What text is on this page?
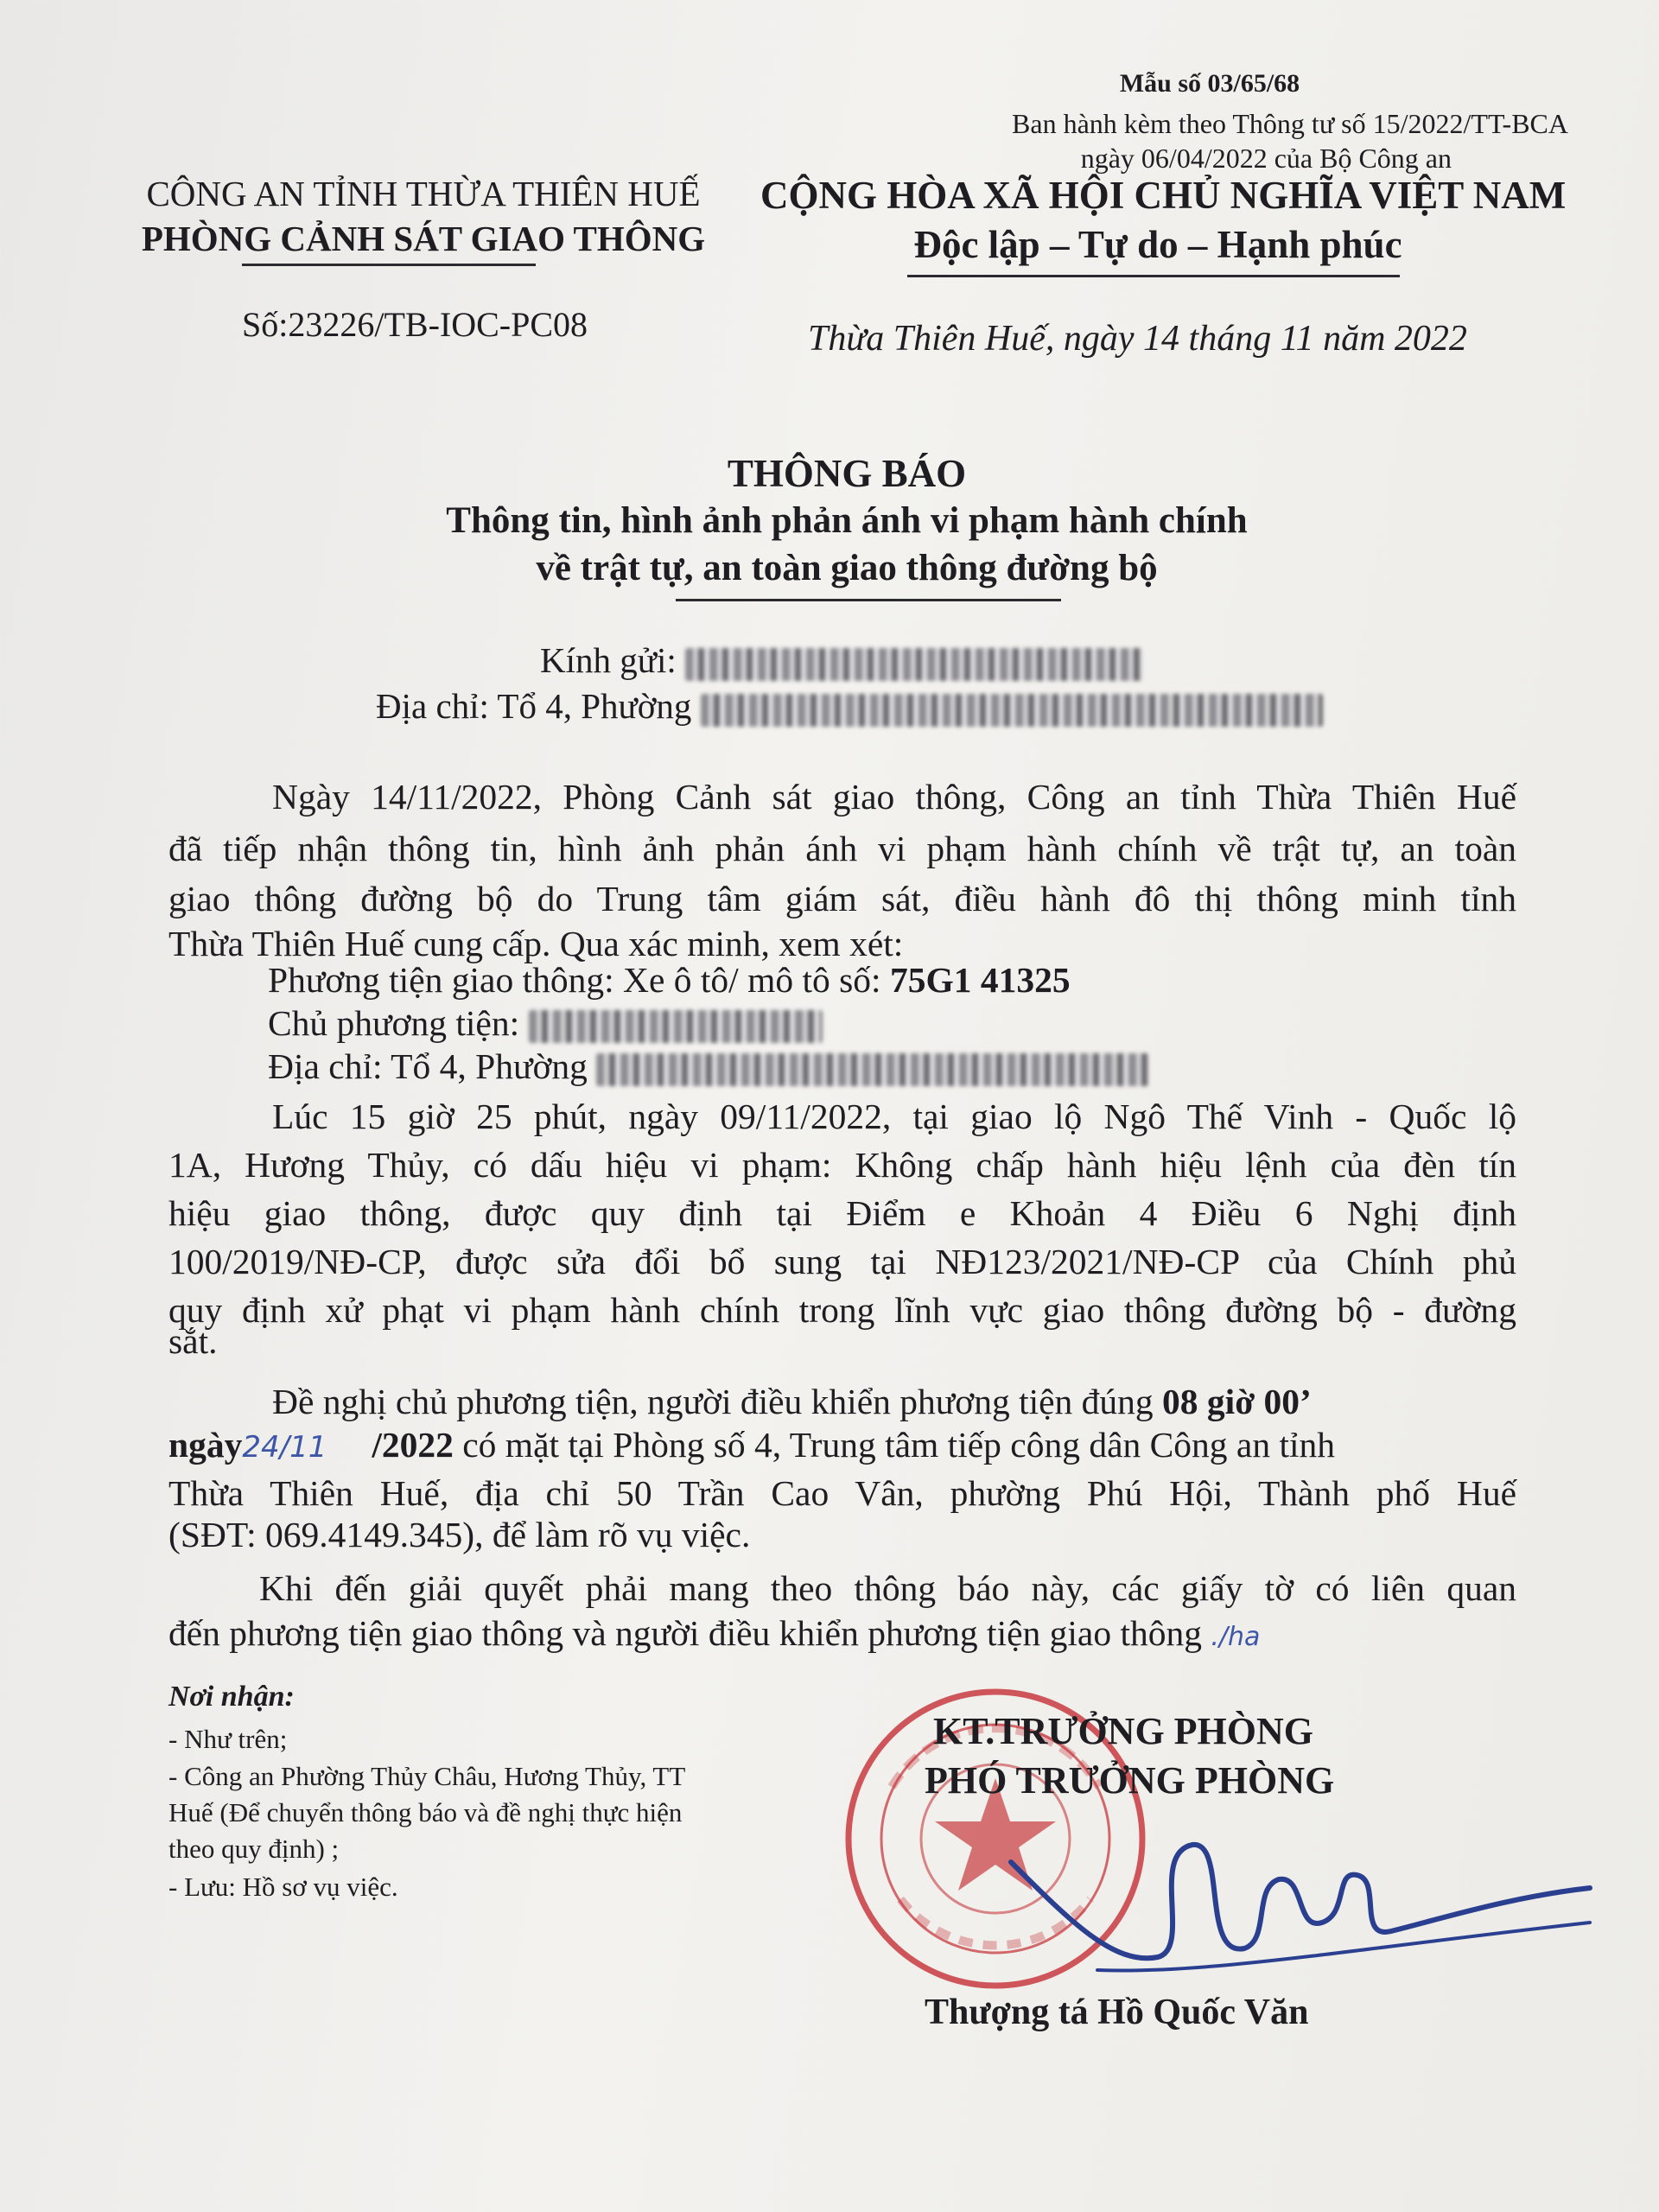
Mẫu số 03/65/68
Ban hành kèm theo Thông tư số 15/2022/TT-BCA
ngày 06/04/2022 của Bộ Công an
CÔNG AN TỈNH THỪA THIÊN HUẾ
PHÒNG CẢNH SÁT GIAO THÔNG
CỘNG HÒA XÃ HỘI CHỦ NGHĨA VIỆT NAM
Độc lập – Tự do – Hạnh phúc
Số:23226/TB-IOC-PC08	Thừa Thiên Huế, ngày 14 tháng 11 năm 2022
THÔNG BÁO
Thông tin, hình ảnh phản ánh vi phạm hành chính
về trật tự, an toàn giao thông đường bộ
Kính gửi:
Địa chỉ: Tổ 4, Phường
Ngày 14/11/2022, Phòng Cảnh sát giao thông, Công an tỉnh Thừa Thiên Huế
đã tiếp nhận thông tin, hình ảnh phản ánh vi phạm hành chính về trật tự, an toàn
giao thông đường bộ do Trung tâm giám sát, điều hành đô thị thông minh tỉnh
Thừa Thiên Huế cung cấp. Qua xác minh, xem xét:
Phương tiện giao thông: Xe ô tô/ mô tô số: 75G1 41325
Chủ phương tiện:
Địa chỉ: Tổ 4, Phường
Lúc 15 giờ 25 phút, ngày 09/11/2022, tại giao lộ Ngô Thế Vinh - Quốc lộ
1A, Hương Thủy, có dấu hiệu vi phạm: Không chấp hành hiệu lệnh của đèn tín
hiệu giao thông, được quy định tại Điểm e Khoản 4 Điều 6 Nghị định
100/2019/NĐ-CP, được sửa đổi bổ sung tại NĐ123/2021/NĐ-CP của Chính phủ
quy định xử phạt vi phạm hành chính trong lĩnh vực giao thông đường bộ - đường
sắt.
Đề nghị chủ phương tiện, người điều khiển phương tiện đúng 08 giờ 00’
ngày24/11 /2022 có mặt tại Phòng số 4, Trung tâm tiếp công dân Công an tỉnh
Thừa Thiên Huế, địa chỉ 50 Trần Cao Vân, phường Phú Hội, Thành phố Huế
(SĐT: 069.4149.345), để làm rõ vụ việc.
Khi đến giải quyết phải mang theo thông báo này, các giấy tờ có liên quan
đến phương tiện giao thông và người điều khiển phương tiện giao thông ./ha
Nơi nhận:
- Như trên;
- Công an Phường Thủy Châu, Hương Thủy, TT
Huế (Để chuyển thông báo và đề nghị thực hiện
theo quy định) ;
- Lưu: Hồ sơ vụ việc.
KT.TRƯỞNG PHÒNG
PHÓ TRƯỞNG PHÒNG
Thượng tá Hồ Quốc Văn
